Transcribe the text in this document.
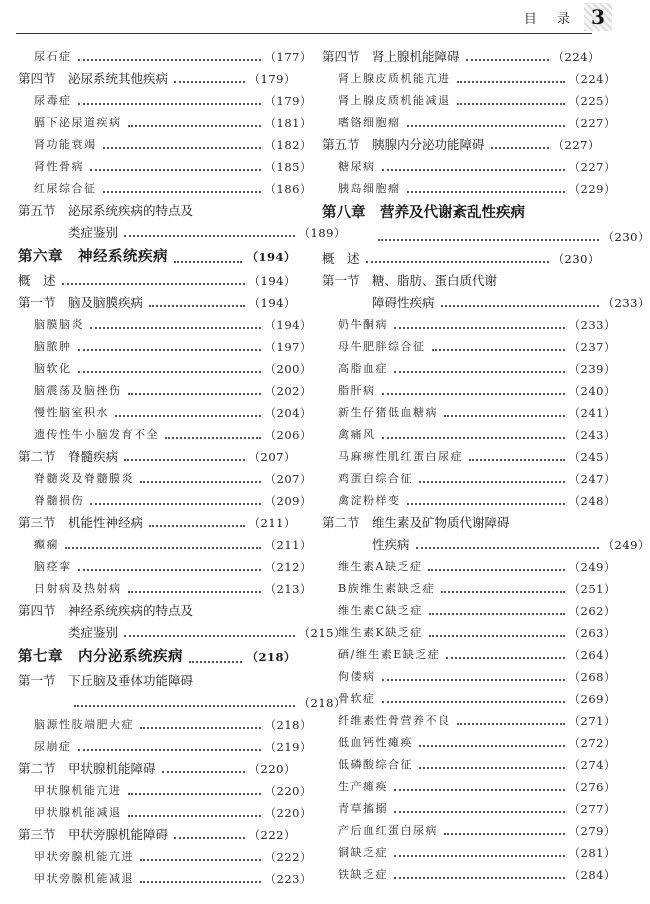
目 录 3
尿石症	（177）
第四节　泌尿系统其他疾病	（179）
尿毒症	（179）
膈下泌尿道疾病	（181）
肾功能衰竭	（182）
肾性骨病	（185）
红尿综合征	（186）
第五节　泌尿系统疾病的特点及
类症鉴别	（189）
第六章　神经系统疾病	（194）
概　述	（194）
第一节　脑及脑膜疾病	（194）
脑膜脑炎	（194）
脑脓肿	（197）
脑软化	（200）
脑震荡及脑挫伤	（202）
慢性脑室积水	（204）
遗传性牛小脑发育不全	（206）
第二节　脊髓疾病	（207）
脊髓炎及脊髓膜炎	（207）
脊髓损伤	（209）
第三节　机能性神经病	（211）
癫痫	（211）
脑痉挛	（212）
日射病及热射病	（213）
第四节　神经系统疾病的特点及
类症鉴别	（215）
第七章　内分泌系统疾病	（218）
第一节　下丘脑及垂体功能障碍
（218）
脑源性肢端肥大症	（218）
尿崩症	（219）
第二节　甲状腺机能障碍	（220）
甲状腺机能亢进	（220）
甲状腺机能减退	（220）
第三节　甲状旁腺机能障碍	（222）
甲状旁腺机能亢进	（222）
甲状旁腺机能减退	（223）
第四节　肾上腺机能障碍	（224）
肾上腺皮质机能亢进	（224）
肾上腺皮质机能减退	（225）
嗜铬细胞瘤	（227）
第五节　胰腺内分泌功能障碍	（227）
糖尿病	（227）
胰岛细胞瘤	（229）
第八章　营养及代谢紊乱性疾病
（230）
概　述	（230）
第一节　糖、脂肪、蛋白质代谢
障碍性疾病	（233）
奶牛酮病	（233）
母牛肥胖综合征	（237）
高脂血症	（239）
脂肝病	（240）
新生仔猪低血糖病	（241）
禽痛风	（243）
马麻痹性肌红蛋白尿症	（245）
鸡蛋白综合征	（247）
禽淀粉样变	（248）
第二节　维生素及矿物质代谢障碍
性疾病	（249）
维生素A缺乏症	（249）
B族维生素缺乏症	（251）
维生素C缺乏症	（262）
维生素K缺乏症	（263）
硒/维生素E缺乏症	（264）
佝偻病	（268）
骨软症	（269）
纤维素性骨营养不良	（271）
低血钙性瘫痪	（272）
低磷酸综合征	（274）
生产瘫痪	（276）
青草搐搦	（277）
产后血红蛋白尿病	（279）
铜缺乏症	（281）
铁缺乏症	（284）
